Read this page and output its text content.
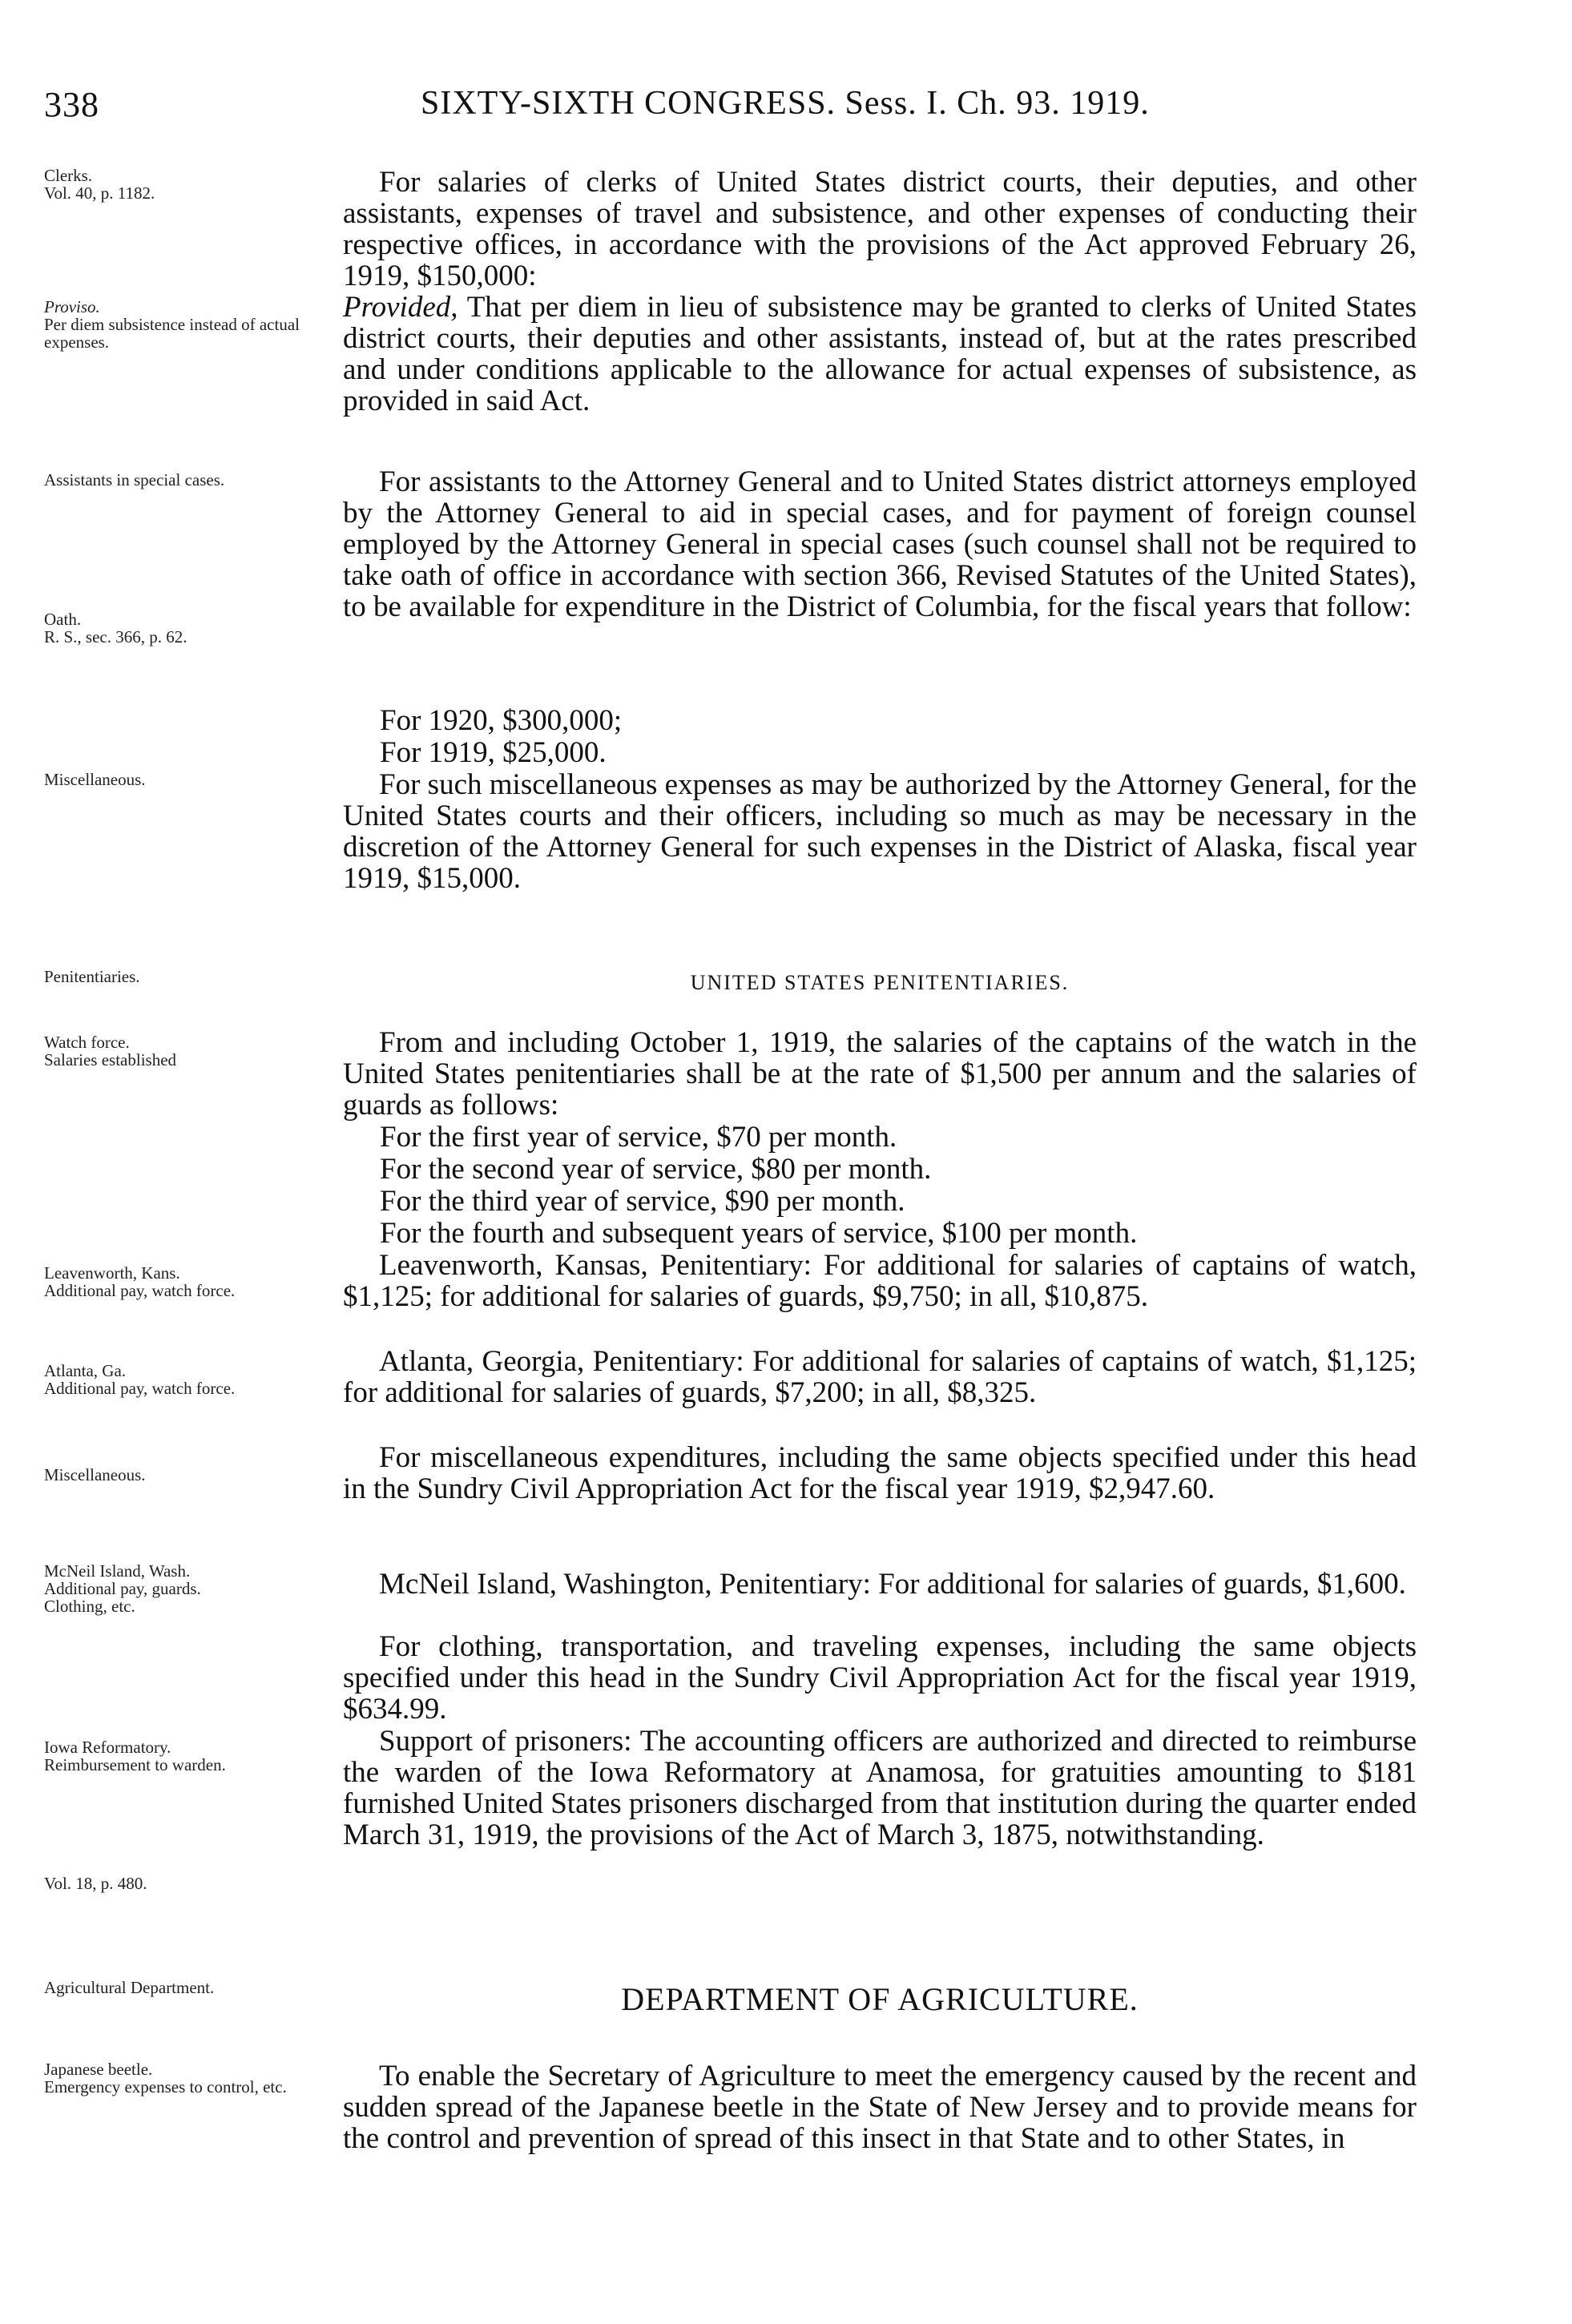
338	SIXTY-SIXTH CONGRESS. Sess. I. Ch. 93. 1919.
Clerks.
Vol. 40, p. 1182.
Proviso.
Per diem subsistence instead of actual expenses.
Assistants in special cases.
Oath.
R. S., sec. 366, p. 62.
Miscellaneous.
Penitentiaries.
Watch force.
Salaries established
Leavenworth, Kans.
Additional pay, watch force.
Atlanta, Ga.
Additional pay, watch force.
Miscellaneous.
McNeil Island, Wash.
Additional pay, guards.
Clothing, etc.
Iowa Reformatory.
Reimbursement to warden.
Vol. 18, p. 480.
Agricultural Department.
Japanese beetle.
Emergency expenses to control, etc.
For salaries of clerks of United States district courts, their deputies, and other assistants, expenses of travel and subsistence, and other expenses of conducting their respective offices, in accordance with the provisions of the Act approved February 26, 1919, $150,000:
Provided, That per diem in lieu of subsistence may be granted to clerks of United States district courts, their deputies and other assistants, instead of, but at the rates prescribed and under conditions applicable to the allowance for actual expenses of subsistence, as provided in said Act.
For assistants to the Attorney General and to United States district attorneys employed by the Attorney General to aid in special cases, and for payment of foreign counsel employed by the Attorney General in special cases (such counsel shall not be required to take oath of office in accordance with section 366, Revised Statutes of the United States), to be available for expenditure in the District of Columbia, for the fiscal years that follow:
For 1920, $300,000;
For 1919, $25,000.
For such miscellaneous expenses as may be authorized by the Attorney General, for the United States courts and their officers, including so much as may be necessary in the discretion of the Attorney General for such expenses in the District of Alaska, fiscal year 1919, $15,000.
UNITED STATES PENITENTIARIES.
From and including October 1, 1919, the salaries of the captains of the watch in the United States penitentiaries shall be at the rate of $1,500 per annum and the salaries of guards as follows:
For the first year of service, $70 per month.
For the second year of service, $80 per month.
For the third year of service, $90 per month.
For the fourth and subsequent years of service, $100 per month.
Leavenworth, Kansas, Penitentiary: For additional for salaries of captains of watch, $1,125; for additional for salaries of guards, $9,750; in all, $10,875.
Atlanta, Georgia, Penitentiary: For additional for salaries of captains of watch, $1,125; for additional for salaries of guards, $7,200; in all, $8,325.
For miscellaneous expenditures, including the same objects specified under this head in the Sundry Civil Appropriation Act for the fiscal year 1919, $2,947.60.
McNeil Island, Washington, Penitentiary: For additional for salaries of guards, $1,600.
For clothing, transportation, and traveling expenses, including the same objects specified under this head in the Sundry Civil Appropriation Act for the fiscal year 1919, $634.99.
Support of prisoners: The accounting officers are authorized and directed to reimburse the warden of the Iowa Reformatory at Anamosa, for gratuities amounting to $181 furnished United States prisoners discharged from that institution during the quarter ended March 31, 1919, the provisions of the Act of March 3, 1875, notwithstanding.
DEPARTMENT OF AGRICULTURE.
To enable the Secretary of Agriculture to meet the emergency caused by the recent and sudden spread of the Japanese beetle in the State of New Jersey and to provide means for the control and prevention of spread of this insect in that State and to other States, in
